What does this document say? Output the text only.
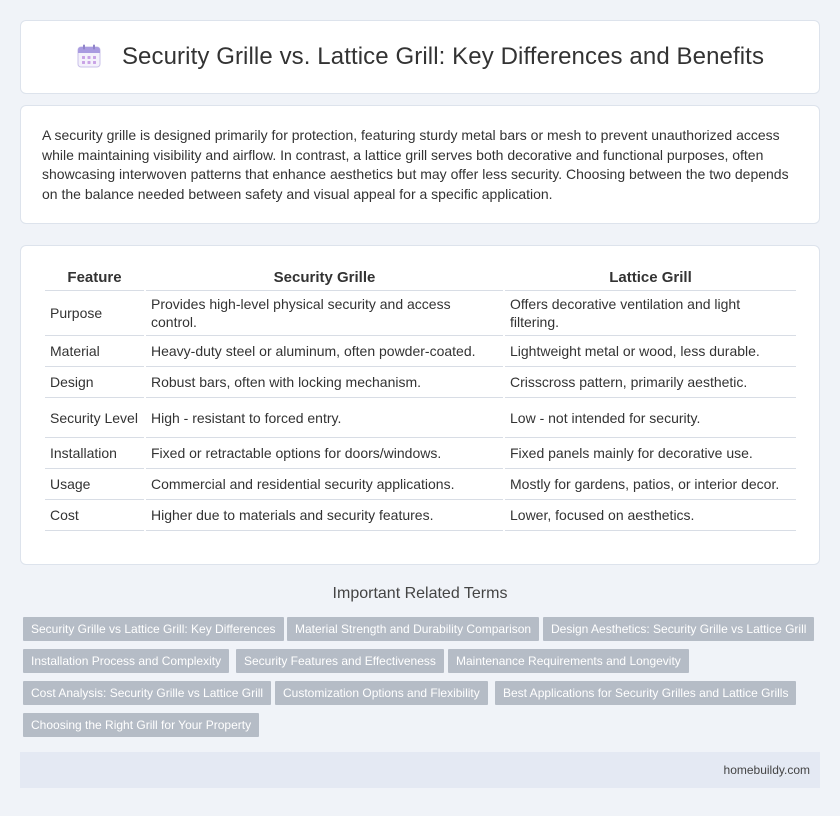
Security Grille vs. Lattice Grill: Key Differences and Benefits

A security grille is designed primarily for protection, featuring sturdy metal bars or mesh to prevent unauthorized access while maintaining visibility and airflow. In contrast, a lattice grill serves both decorative and functional purposes, often showcasing interwoven patterns that enhance aesthetics but may offer less security. Choosing between the two depends on the balance needed between safety and visual appeal for a specific application.

Feature	Security Grille	Lattice Grill
Purpose	Provides high-level physical security and access control.	Offers decorative ventilation and light filtering.
Material	Heavy-duty steel or aluminum, often powder-coated.	Lightweight metal or wood, less durable.
Design	Robust bars, often with locking mechanism.	Crisscross pattern, primarily aesthetic.
Security Level	High - resistant to forced entry.	Low - not intended for security.
Installation	Fixed or retractable options for doors/windows.	Fixed panels mainly for decorative use.
Usage	Commercial and residential security applications.	Mostly for gardens, patios, or interior decor.
Cost	Higher due to materials and security features.	Lower, focused on aesthetics.
Important Related Terms
Security Grille vs Lattice Grill: Key Differences	Material Strength and Durability Comparison	Design Aesthetics: Security Grille vs Lattice Grill
Installation Process and Complexity	Security Features and Effectiveness	Maintenance Requirements and Longevity
Cost Analysis: Security Grille vs Lattice Grill	Customization Options and Flexibility	Best Applications for Security Grilles and Lattice Grills
Choosing the Right Grill for Your Property
homebuildy.com
